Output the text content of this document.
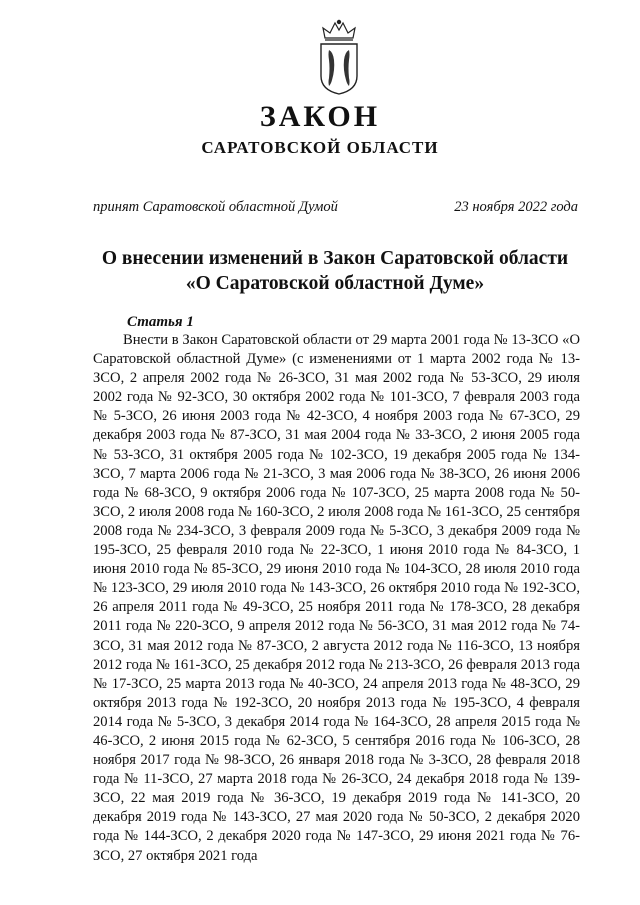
ЗАКОН
САРАТОВСКОЙ ОБЛАСТИ
принят Саратовской областной Думой	23 ноября 2022 года
О внесении изменений в Закон Саратовской области
«О Саратовской областной Думе»
Статья 1

Внести в Закон Саратовской области от 29 марта 2001 года № 13-ЗСО «О Саратовской областной Думе» (с изменениями от 1 марта 2002 года № 13-ЗСО, 2 апреля 2002 года № 26-ЗСО, 31 мая 2002 года № 53-ЗСО, 29 июля 2002 года № 92-ЗСО, 30 октября 2002 года № 101-ЗСО, 7 февраля 2003 года № 5-ЗСО, 26 июня 2003 года № 42-ЗСО, 4 ноября 2003 года № 67-ЗСО, 29 декабря 2003 года № 87-ЗСО, 31 мая 2004 года № 33-ЗСО, 2 июня 2005 года № 53-ЗСО, 31 октября 2005 года № 102-ЗСО, 19 декабря 2005 года № 134-ЗСО, 7 марта 2006 года № 21-ЗСО, 3 мая 2006 года № 38-ЗСО, 26 июня 2006 года № 68-ЗСО, 9 октября 2006 года № 107-ЗСО, 25 марта 2008 года № 50-ЗСО, 2 июля 2008 года № 160-ЗСО, 2 июля 2008 года № 161-ЗСО, 25 сентября 2008 года № 234-ЗСО, 3 февраля 2009 года № 5-ЗСО, 3 декабря 2009 года № 195-ЗСО, 25 февраля 2010 года № 22-ЗСО, 1 июня 2010 года № 84-ЗСО, 1 июня 2010 года № 85-ЗСО, 29 июня 2010 года № 104-ЗСО, 28 июля 2010 года № 123-ЗСО, 29 июля 2010 года № 143-ЗСО, 26 октября 2010 года № 192-ЗСО, 26 апреля 2011 года № 49-ЗСО, 25 ноября 2011 года № 178-ЗСО, 28 декабря 2011 года № 220-ЗСО, 9 апреля 2012 года № 56-ЗСО, 31 мая 2012 года № 74-ЗСО, 31 мая 2012 года № 87-ЗСО, 2 августа 2012 года № 116-ЗСО, 13 ноября 2012 года № 161-ЗСО, 25 декабря 2012 года № 213-ЗСО, 26 февраля 2013 года № 17-ЗСО, 25 марта 2013 года № 40-ЗСО, 24 апреля 2013 года № 48-ЗСО, 29 октября 2013 года № 192-ЗСО, 20 ноября 2013 года № 195-ЗСО, 4 февраля 2014 года № 5-ЗСО, 3 декабря 2014 года № 164-ЗСО, 28 апреля 2015 года № 46-ЗСО, 2 июня 2015 года № 62-ЗСО, 5 сентября 2016 года № 106-ЗСО, 28 ноября 2017 года № 98-ЗСО, 26 января 2018 года № 3-ЗСО, 28 февраля 2018 года № 11-ЗСО, 27 марта 2018 года № 26-ЗСО, 24 декабря 2018 года № 139-ЗСО, 22 мая 2019 года № 36-ЗСО, 19 декабря 2019 года № 141-ЗСО, 20 декабря 2019 года № 143-ЗСО, 27 мая 2020 года № 50-ЗСО, 2 декабря 2020 года № 144-ЗСО, 2 декабря 2020 года № 147-ЗСО, 29 июня 2021 года № 76-ЗСО, 27 октября 2021 года
